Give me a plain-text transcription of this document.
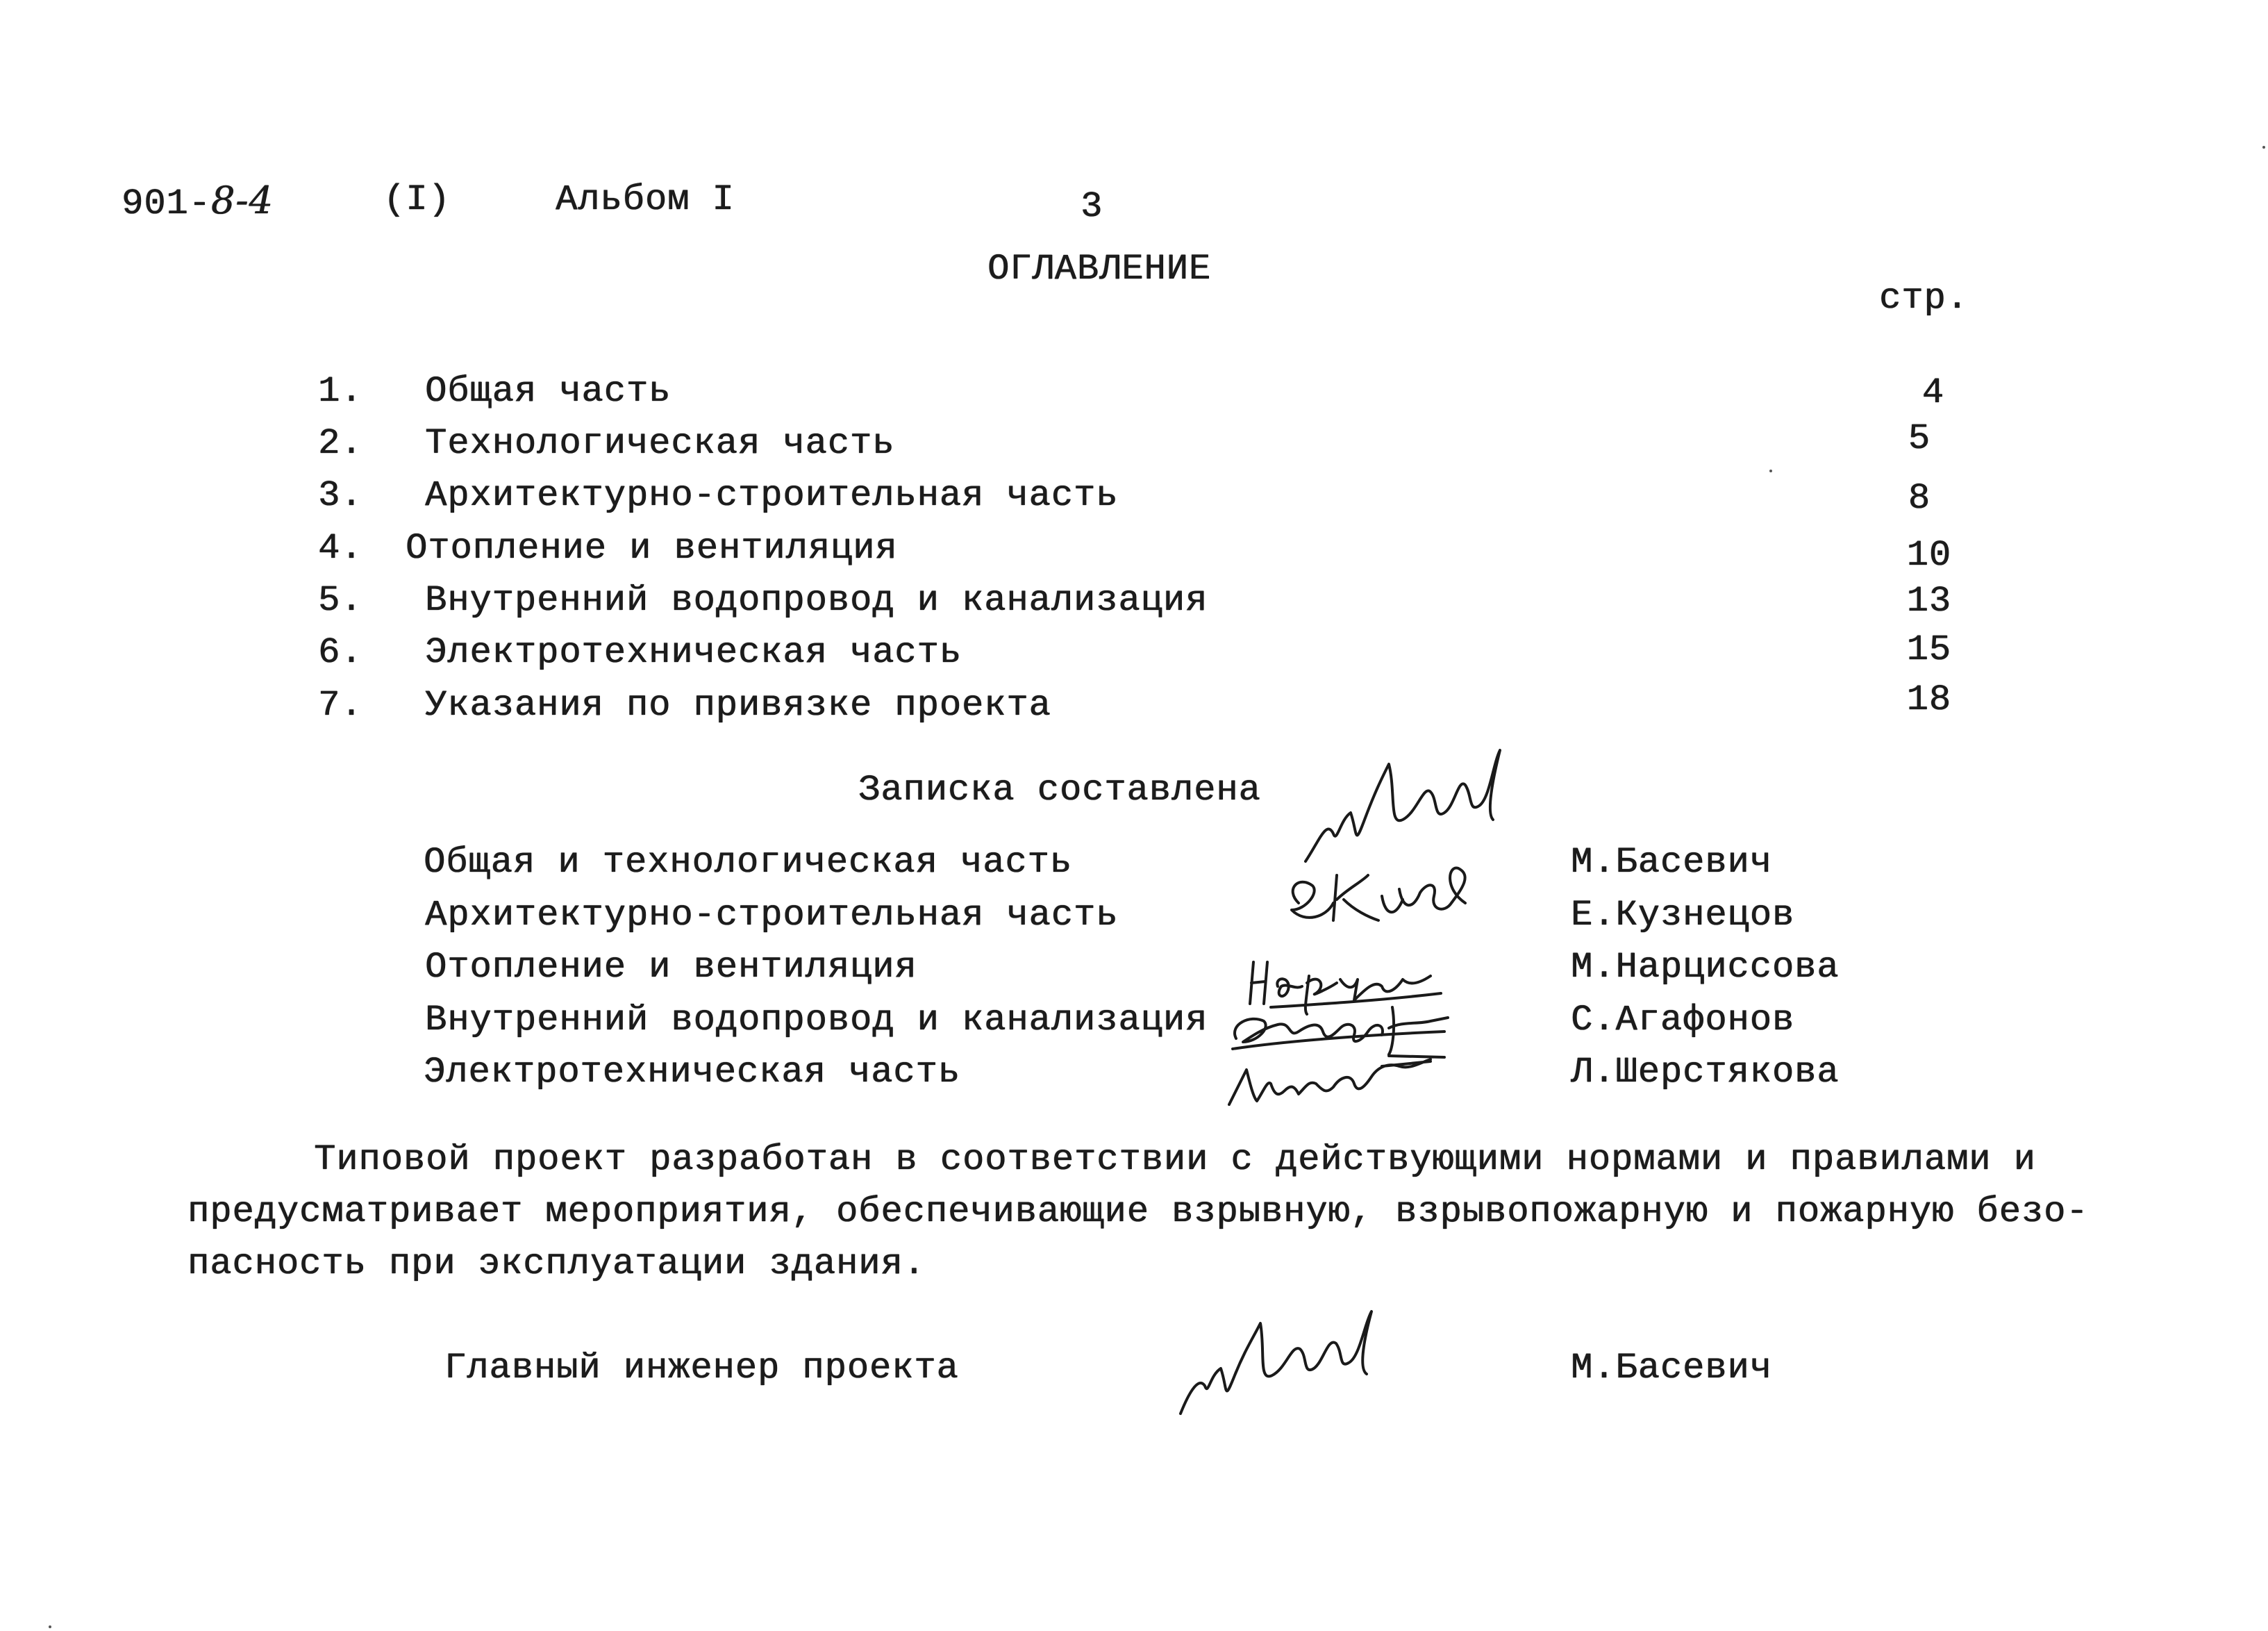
901-8-4	(I)	Альбом I	3
ОГЛАВЛЕНИЕ
стр.
1. Общая часть	4
2. Технологическая часть	5
3. Архитектурно-строительная часть	8
4. Отопление и вентиляция	10
5. Внутренний водопровод и канализация	13
6. Электротехническая часть	15
7. Указания по привязке проекта	18
Записка составлена
Общая и технологическая часть	М.Басевич
Архитектурно-строительная часть	Е.Кузнецов
Отопление и вентиляция	М.Нарциссова
Внутренний водопровод и канализация	С.Агафонов
Электротехническая часть	Л.Шерстякова
Типовой проект разработан в соответствии с действующими нормами и правилами и
предусматривает мероприятия, обеспечивающие взрывную, взрывопожарную и пожарную безо-
пасность при эксплуатации здания.
Главный инженер проекта	М.Басевич
